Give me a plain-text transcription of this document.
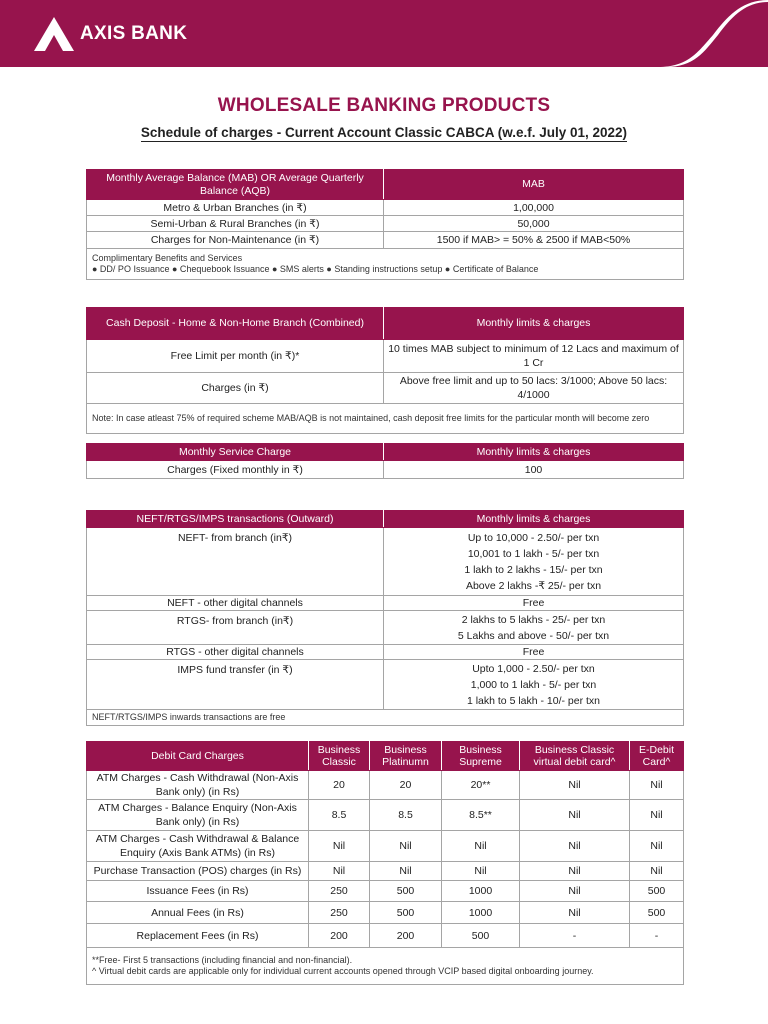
AXIS BANK
WHOLESALE BANKING PRODUCTS
Schedule of charges - Current Account Classic CABCA (w.e.f. July 01, 2022)
Monthly Average Balance (MAB) OR Average Quarterly Balance (AQB)	MAB
Metro & Urban Branches (in ₹)	1,00,000
Semi-Urban & Rural Branches (in ₹)	50,000
Charges for Non-Maintenance (in ₹)	1500 if MAB> = 50% & 2500 if MAB<50%

Complimentary Benefits and Services
● DD/ PO Issuance ● Chequebook Issuance ● SMS alerts ● Standing instructions setup ● Certificate of Balance	
Cash Deposit - Home & Non-Home Branch (Combined)	Monthly limits & charges
Free Limit per month (in ₹)*	10 times MAB subject to minimum of 12 Lacs and maximum of 1 Cr
Charges (in ₹)	Above free limit and up to 50 lacs: 3/1000; Above 50 lacs: 4/1000
Note: In case atleast 75% of required scheme MAB/AQB is not maintained, cash deposit free limits for the particular month will become zero	
Monthly Service Charge	Monthly limits & charges
Charges (Fixed monthly in ₹)	100
NEFT/RTGS/IMPS transactions (Outward)	Monthly limits & charges
NEFT- from branch (in₹)	Up to 10,000 - 2.50/- per txn
10,001 to 1 lakh - 5/- per txn
1 lakh to 2 lakhs - 15/- per txn
Above 2 lakhs -₹ 25/- per txn

NEFT - other digital channels	Free
RTGS- from branch (in₹)	2 lakhs to 5 lakhs - 25/- per txn
5 Lakhs and above - 50/- per txn

RTGS - other digital channels	Free
IMPS fund transfer (in ₹)	Upto 1,000 - 2.50/- per txn
1,000 to 1 lakh - 5/- per txn
1 lakh to 5 lakh - 10/- per txn

NEFT/RTGS/IMPS inwards transactions are free	
Debit Card Charges	Business Classic	Business Platinumn	Business Supreme	Business Classic virtual debit card^	E-Debit Card^
ATM Charges - Cash Withdrawal (Non-Axis Bank only) (in Rs)	20	20	20**	Nil	Nil
ATM Charges - Balance Enquiry (Non-Axis Bank only) (in Rs)	8.5	8.5	8.5**	Nil	Nil
ATM Charges - Cash Withdrawal & Balance Enquiry (Axis Bank ATMs) (in Rs)	Nil	Nil	Nil	Nil	Nil
Purchase Transaction (POS) charges (in Rs)	Nil	Nil	Nil	Nil	Nil
Issuance Fees (in Rs)	250	500	1000	Nil	500
Annual Fees (in Rs)	250	500	1000	Nil	500
Replacement Fees (in Rs)	200	200	500	-	-

**Free- First 5 transactions (including financial and non-financial).
^ Virtual debit cards are applicable only for individual current accounts opened through VCIP based digital onboarding journey.					
